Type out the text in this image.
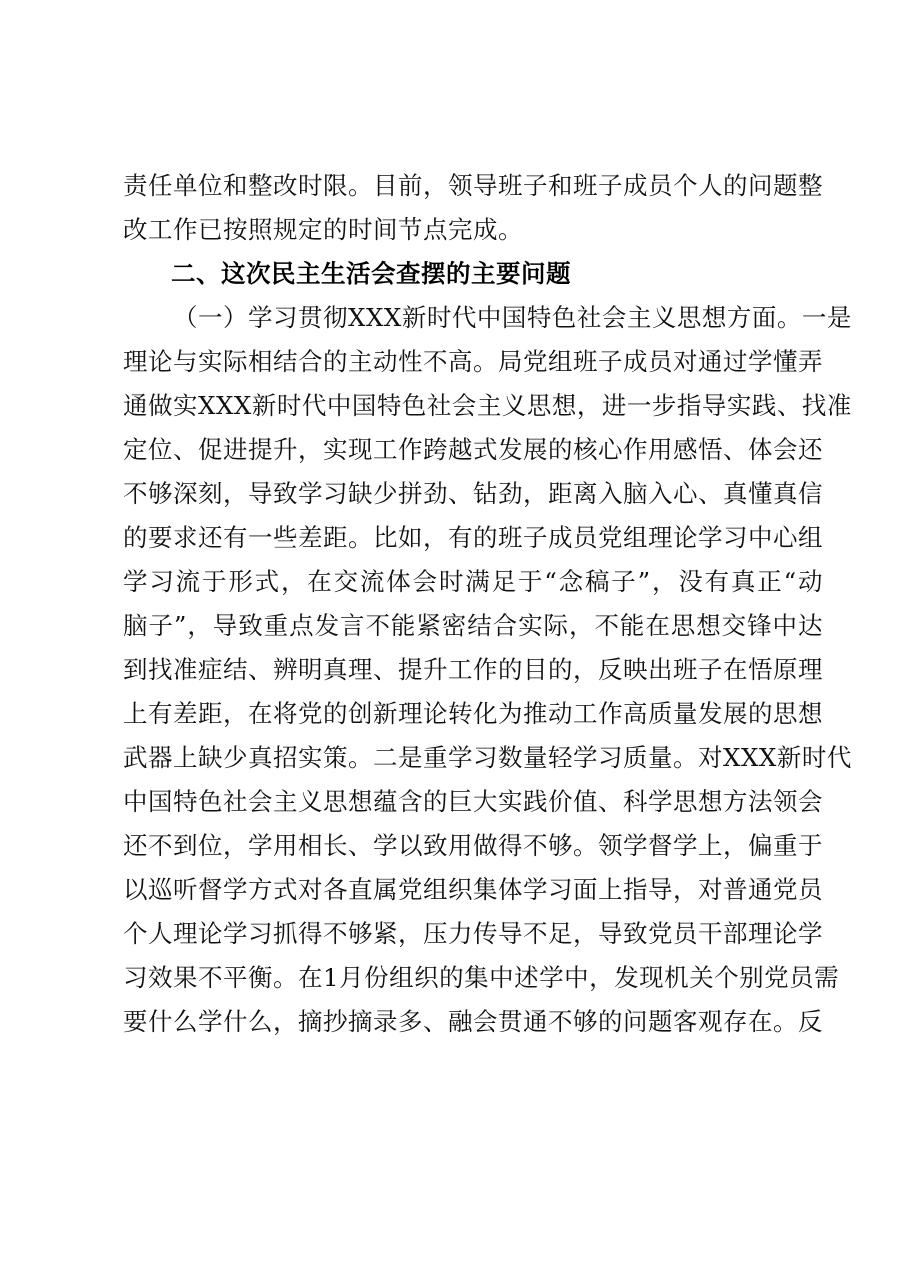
责任单位和整改时限。目前，领导班子和班子成员个人的问题整
改工作已按照规定的时间节点完成。
二、这次民主生活会查摆的主要问题
（一）学习贯彻XXX新时代中国特色社会主义思想方面。一是
理论与实际相结合的主动性不高。局党组班子成员对通过学懂弄
通做实XXX新时代中国特色社会主义思想，进一步指导实践、找准
定位、促进提升，实现工作跨越式发展的核心作用感悟、体会还
不够深刻，导致学习缺少拼劲、钻劲，距离入脑入心、真懂真信
的要求还有一些差距。比如，有的班子成员党组理论学习中心组
学习流于形式，在交流体会时满足于“念稿子”，没有真正“动
脑子”，导致重点发言不能紧密结合实际，不能在思想交锋中达
到找准症结、辨明真理、提升工作的目的，反映出班子在悟原理
上有差距，在将党的创新理论转化为推动工作高质量发展的思想
武器上缺少真招实策。二是重学习数量轻学习质量。对XXX新时代
中国特色社会主义思想蕴含的巨大实践价值、科学思想方法领会
还不到位，学用相长、学以致用做得不够。领学督学上，偏重于
以巡听督学方式对各直属党组织集体学习面上指导，对普通党员
个人理论学习抓得不够紧，压力传导不足，导致党员干部理论学
习效果不平衡。在1月份组织的集中述学中，发现机关个别党员需
要什么学什么，摘抄摘录多、融会贯通不够的问题客观存在。反
